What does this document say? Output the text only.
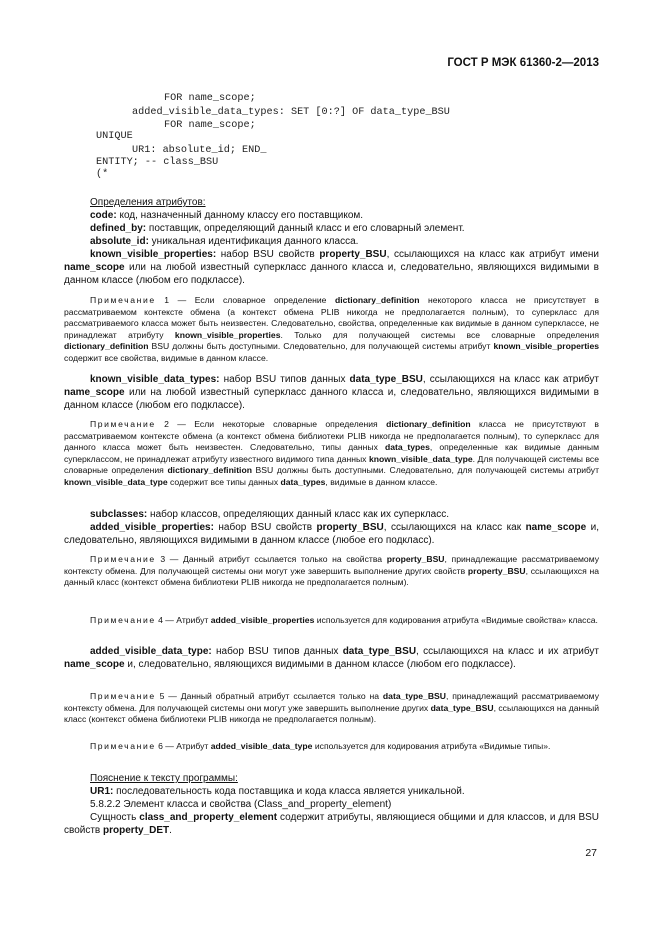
ГОСТ Р МЭК 61360-2—2013
FOR name_scope;
added_visible_data_types: SET [0:?] OF data_type_BSU
FOR name_scope;
UNIQUE
UR1: absolute_id; END_
ENTITY; -- class_BSU
(*

Определения атрибутов:

code: код, назначенный данному классу его поставщиком.

defined_by: поставщик, определяющий данный класс и его словарный элемент.

absolute_id: уникальная идентификация данного класса.

known_visible_properties: набор BSU свойств property_BSU, ссылающихся на класс как атрибут имени name_scope или на любой известный суперкласс данного класса и, следовательно, являющихся видимыми в данном классе (любом его подклассе).

Примечание 1 — Если словарное определение dictionary_definition некоторого класса не присутствует в рассматриваемом контексте обмена (а контекст обмена PLIB никогда не предполагается полным), то суперкласс для рассматриваемого класса может быть неизвестен. Следовательно, свойства, определенные как видимые в данном суперклассе, не принадлежат атрибуту known_visible_properties. Только для получающей системы все словарные определения dictionary_definition BSU должны быть доступными. Следовательно, для получающей системы атрибут known_visible_properties содержит все свойства, видимые в данном классе.

known_visible_data_types: набор BSU типов данных data_type_BSU, ссылающихся на класс как атрибут name_scope или на любой известный суперкласс данного класса и, следовательно, являющихся видимыми в данном классе (любом его подклассе).

Примечание 2 — Если некоторые словарные определения dictionary_definition класса не присутствуют в рассматриваемом контексте обмена (а контекст обмена библиотеки PLIB никогда не предполагается полным), то суперкласс для данного класса может быть неизвестен. Следовательно, типы данных data_types, определенные как видимые данным суперклассом, не принадлежат атрибуту известного видимого типа данных known_visible_data_type. Для получающей системы все словарные определения dictionary_definition BSU должны быть доступными. Следовательно, для получающей системы атрибут known_visible_data_type содержит все типы данных data_types, видимые в данном классе.

subclasses: набор классов, определяющих данный класс как их суперкласс.

added_visible_properties: набор BSU свойств property_BSU, ссылающихся на класс как name_scope и, следовательно, являющихся видимыми в данном классе (любое его подкласс).

Примечание 3 — Данный атрибут ссылается только на свойства property_BSU, принадлежащие рассматриваемому контексту обмена. Для получающей системы они могут уже завершить выполнение других свойств property_BSU, ссылающихся на данный класс (контекст обмена библиотеки PLIB никогда не предполагается полным).

Примечание 4 — Атрибут added_visible_properties используется для кодирования атрибута «Видимые свойства» класса.

added_visible_data_type: набор BSU типов данных data_type_BSU, ссылающихся на класс и их атрибут name_scope и, следовательно, являющихся видимыми в данном классе (любом его подклассе).

Примечание 5 — Данный обратный атрибут ссылается только на data_type_BSU, принадлежащий рассматриваемому контексту обмена. Для получающей системы они могут уже завершить выполнение других data_type_BSU, ссылающихся на данный класс (контекст обмена библиотеки PLIB никогда не предполагается полным).

Примечание 6 — Атрибут added_visible_data_type используется для кодирования атрибута «Видимые типы».

Пояснение к тексту программы:

UR1: последовательность кода поставщика и кода класса является уникальной.

5.8.2.2 Элемент класса и свойства (Class_and_property_element)

Сущность class_and_property_element содержит атрибуты, являющиеся общими и для классов, и для BSU свойств property_DET.

27
